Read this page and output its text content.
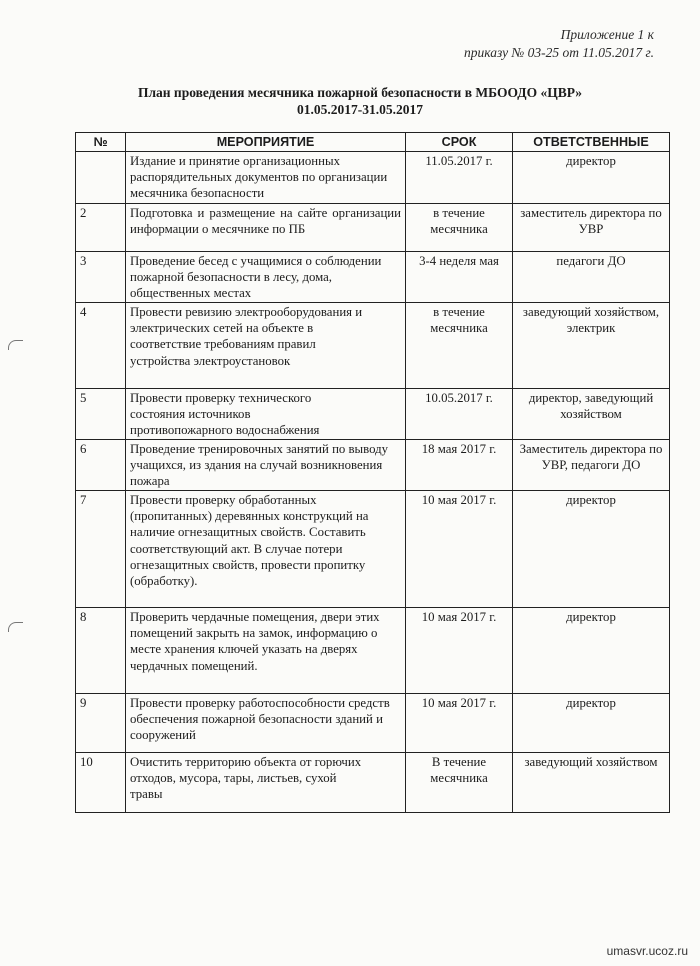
Приложение 1 к
приказу № 03-25 от 11.05.2017 г.
План проведения месячника пожарной безопасности в МБООДО «ЦВР»
01.05.2017-31.05.2017
№	МЕРОПРИЯТИЕ	СРОК	ОТВЕТСТВЕННЫЕ
	Издание и принятие организационных распорядительных документов по организации месячника безопасности	11.05.2017 г.	директор
2	Подготовка и размещение на сайте организации информации о месячнике по ПБ	в течение месячника	заместитель директора по УВР
3	Проведение бесед с учащимися о соблюдении пожарной безопасности в лесу, дома, общественных местах	3-4 неделя мая	педагоги ДО
4	Провести ревизию электрооборудования и электрических сетей на объекте в соответствие требованиям правил устройства электроустановок	в течение месячника	заведующий хозяйством, электрик
5	Провести проверку технического состояния источников противопожарного водоснабжения	10.05.2017 г.	директор, заведующий хозяйством
6	Проведение тренировочных занятий по выводу учащихся, из здания на случай возникновения пожара	18 мая 2017 г.	Заместитель директора по УВР, педагоги ДО
7	Провести проверку обработанных (пропитанных) деревянных конструкций на наличие огнезащитных свойств. Составить соответствующий акт. В случае потери огнезащитных свойств, провести пропитку (обработку).	10 мая 2017 г.	директор
8	Проверить чердачные помещения, двери этих помещений закрыть на замок, информацию о месте хранения ключей указать на дверях чердачных помещений.	10 мая 2017 г.	директор
9	Провести проверку работоспособности средств обеспечения пожарной безопасности зданий и сооружений	10 мая 2017 г.	директор
10	Очистить территорию объекта от горючих отходов, мусора, тары, листьев, сухой травы	В течение месячника	заведующий хозяйством
umasvr.ucoz.ru
